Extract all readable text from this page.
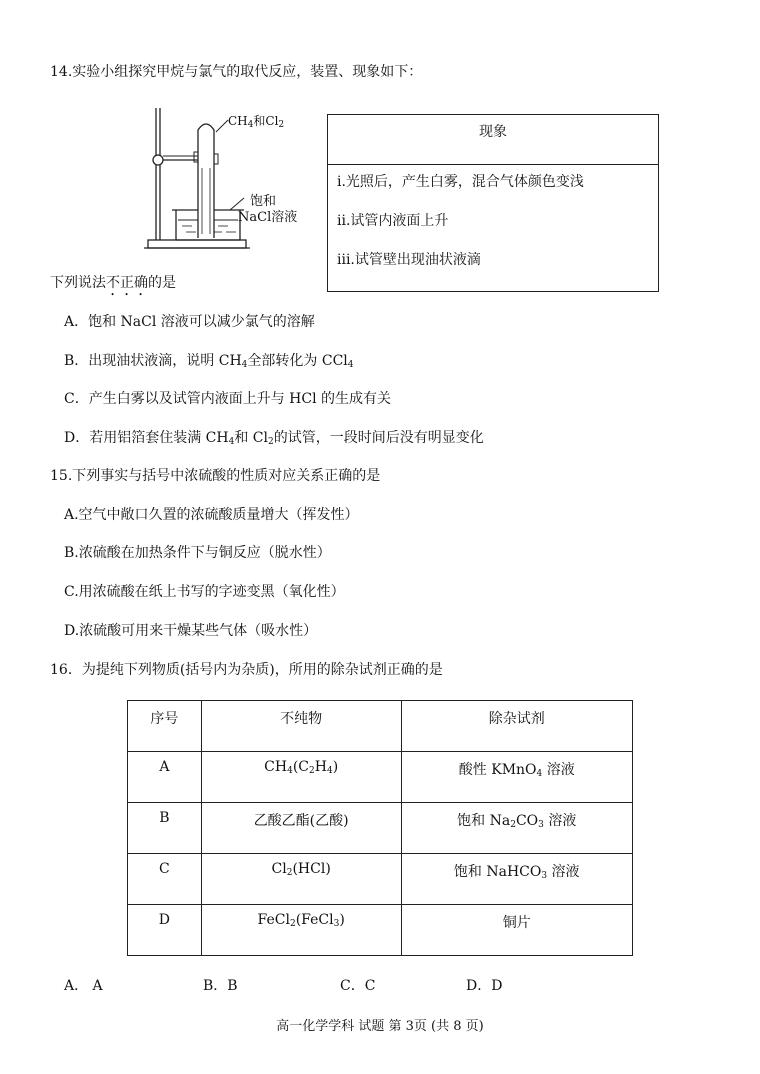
14.实验小组探究甲烷与氯气的取代反应，装置、现象如下：
$CH_4$和$Cl_2$
饱和
NaCl溶液
现象
i.光照后，产生白雾，混合气体颜色变浅
ii.试管内液面上升
iii.试管壁出现油状液滴
下列说法不正确的是
A．饱和 NaCl 溶液可以减少氯气的溶解
B．出现油状液滴，说明 $CH_4$全部转化为 CCl$_4$
C．产生白雾以及试管内液面上升与 HCl 的生成有关
D．若用铝箔套住装满 $CH_4$和 $Cl_2$的试管，一段时间后没有明显变化
15.下列事实与括号中浓硫酸的性质对应关系正确的是
A.空气中敞口久置的浓硫酸质量增大（挥发性）
B.浓硫酸在加热条件下与铜反应（脱水性）
C.用浓硫酸在纸上书写的字迹变黑（氧化性）
D.浓硫酸可用来干燥某些气体（吸水性）
16．为提纯下列物质(括号内为杂质)，所用的除杂试剂正确的是
序号	不纯物	除杂试剂
A	$CH_4(C_2H_4)$	酸性 KMnO$_4$ 溶液
B	乙酸乙酯(乙酸)	饱和 $Na_2CO_3$ 溶液
C	$Cl_2(HCl)$	饱和 NaHCO$_3$ 溶液
D	FeCl$_2$(FeCl$_3$)	铜片
A． A	B．B	C．C	D．D
高一化学学科 试题 第 3页 (共 8 页)
